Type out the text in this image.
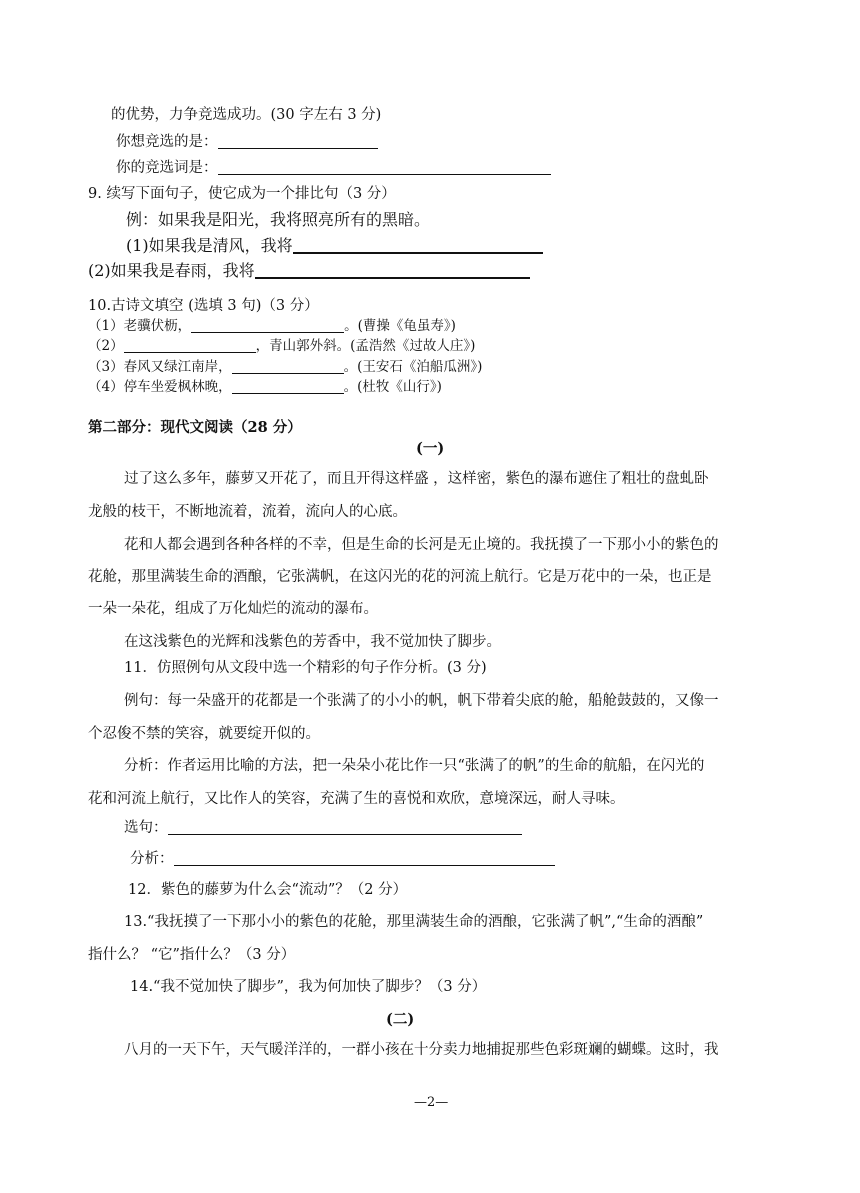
的优势，力争竞选成功。(30 字左右 3 分)
你想竞选的是：
你的竞选词是：
9. 续写下面句子，使它成为一个排比句（3 分）
例：如果我是阳光，我将照亮所有的黑暗。
(1)如果我是清风，我将
(2)如果我是春雨，我将
10.古诗文填空 (选填 3 句)（3 分）
（1）老骥伏枥，	。(曹操《龟虽寿》)
（2）	，青山郭外斜。(孟浩然《过故人庄》)
（3）春风又绿江南岸，	。(王安石《泊船瓜洲》)
（4）停车坐爱枫林晚，	。(杜牧《山行》)
第二部分：现代文阅读（28 分）
(一)
过了这么多年，藤萝又开花了，而且开得这样盛 ，这样密，紫色的瀑布遮住了粗壮的盘虬卧
龙般的枝干，不断地流着，流着，流向人的心底。
花和人都会遇到各种各样的不幸，但是生命的长河是无止境的。我抚摸了一下那小小的紫色的
花舱，那里满装生命的酒酿，它张满帆，在这闪光的花的河流上航行。它是万花中的一朵，也正是
一朵一朵花，组成了万化灿烂的流动的瀑布。
在这浅紫色的光辉和浅紫色的芳香中，我不觉加快了脚步。
11．仿照例句从文段中选一个精彩的句子作分析。(3 分)
例句：每一朵盛开的花都是一个张满了的小小的帆，帆下带着尖底的舱，船舱鼓鼓的，又像一
个忍俊不禁的笑容，就要绽开似的。
分析：作者运用比喻的方法，把一朵朵小花比作一只“张满了的帆”的生命的航船，在闪光的
花和河流上航行，又比作人的笑容，充满了生的喜悦和欢欣，意境深远，耐人寻味。
选句：
分析：
12．紫色的藤萝为什么会“流动”？（2 分）
13.“我抚摸了一下那小小的紫色的花舱，那里满装生命的酒酿，它张满了帆”,“生命的酒酿”
指什么？ “它”指什么？（3 分）
14.“我不觉加快了脚步”，我为何加快了脚步？（3 分）
(二)
八月的一天下午，天气暖洋洋的，一群小孩在十分卖力地捕捉那些色彩斑斓的蝴蝶。这时，我
—2—
